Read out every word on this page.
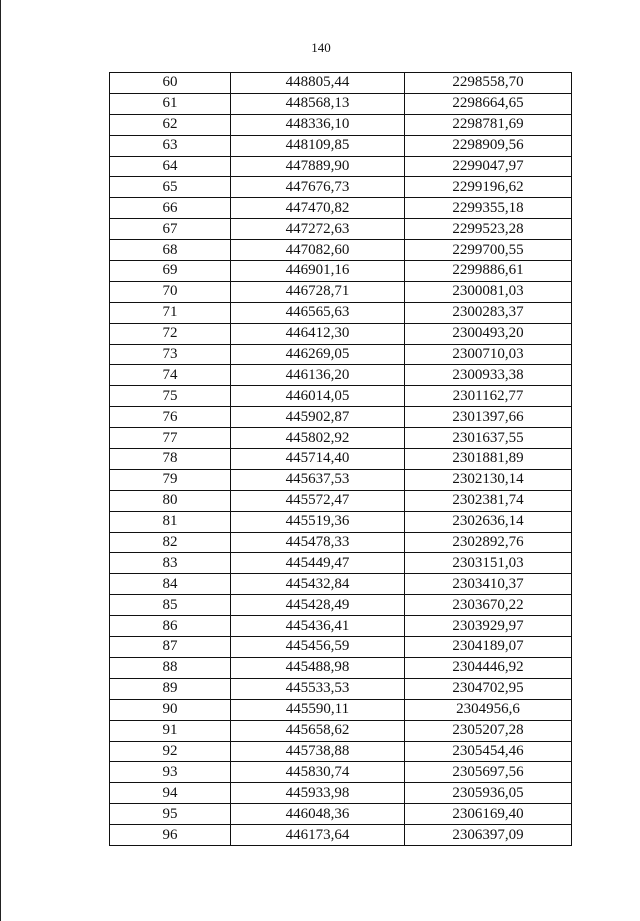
140
60	448805,44	2298558,70
61	448568,13	2298664,65
62	448336,10	2298781,69
63	448109,85	2298909,56
64	447889,90	2299047,97
65	447676,73	2299196,62
66	447470,82	2299355,18
67	447272,63	2299523,28
68	447082,60	2299700,55
69	446901,16	2299886,61
70	446728,71	2300081,03
71	446565,63	2300283,37
72	446412,30	2300493,20
73	446269,05	2300710,03
74	446136,20	2300933,38
75	446014,05	2301162,77
76	445902,87	2301397,66
77	445802,92	2301637,55
78	445714,40	2301881,89
79	445637,53	2302130,14
80	445572,47	2302381,74
81	445519,36	2302636,14
82	445478,33	2302892,76
83	445449,47	2303151,03
84	445432,84	2303410,37
85	445428,49	2303670,22
86	445436,41	2303929,97
87	445456,59	2304189,07
88	445488,98	2304446,92
89	445533,53	2304702,95
90	445590,11	2304956,6
91	445658,62	2305207,28
92	445738,88	2305454,46
93	445830,74	2305697,56
94	445933,98	2305936,05
95	446048,36	2306169,40
96	446173,64	2306397,09
